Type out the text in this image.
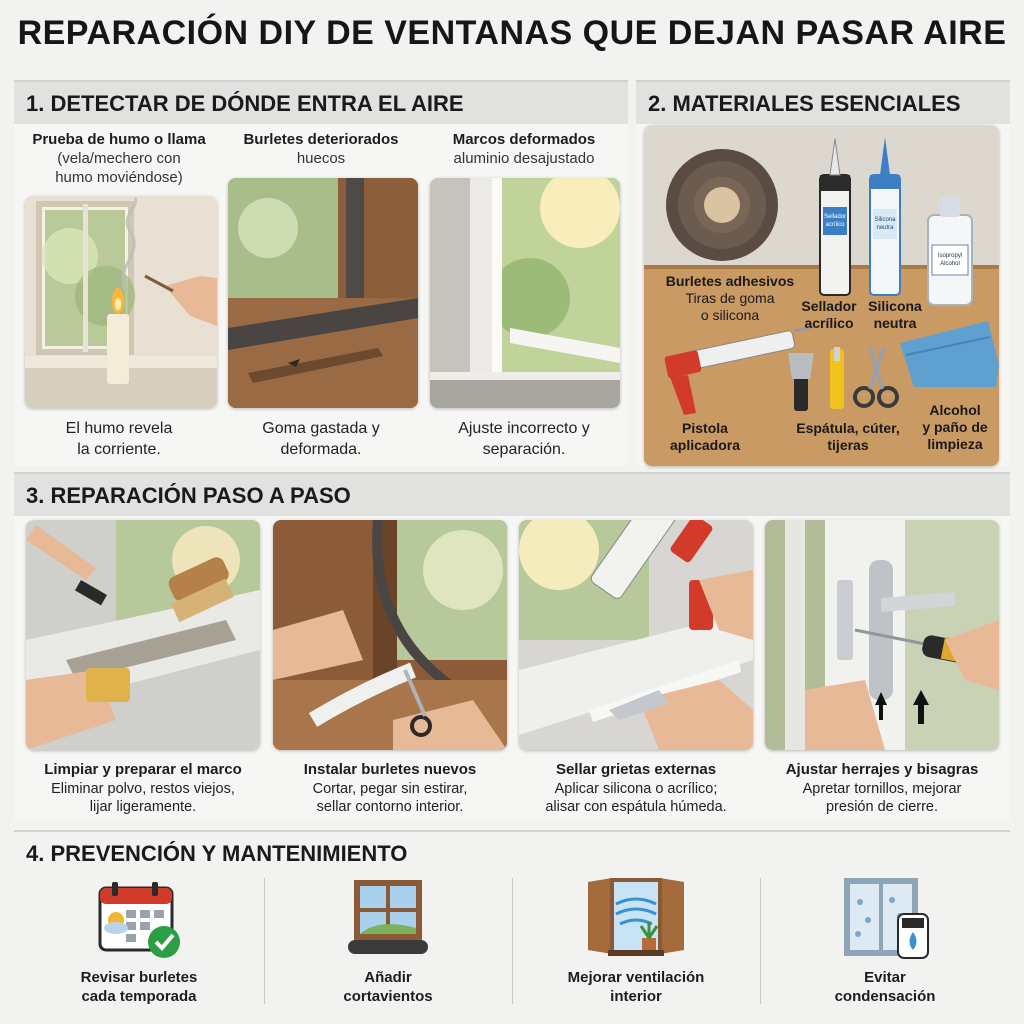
REPARACIÓN DIY DE VENTANAS QUE DEJAN PASAR AIRE
1. DETECTAR DE DÓNDE ENTRA EL AIRE
Prueba de humo o llama
(vela/mechero con
humo moviéndose)
Burletes deteriorados
huecos
Marcos deformados
aluminio desajustado
El humo revela
la corriente.
Goma gastada y
deformada.
Ajuste incorrecto y
separación.
2. MATERIALES ESENCIALES
Sellador
acrílico
Silicona
neutra
Isopropyl
Alcohol
Burletes adhesivos
Tiras de goma
o silicona
Sellador
acrílico
Silicona
neutra
Pistola
aplicadora
Espátula, cúter,
tijeras
Alcohol
y paño de
limpieza
3. REPARACIÓN PASO A PASO
Limpiar y preparar el marco
Eliminar polvo, restos viejos,
lijar ligeramente.
Instalar burletes nuevos
Cortar, pegar sin estirar,
sellar contorno interior.
Sellar grietas externas
Aplicar silicona o acrílico;
alisar con espátula húmeda.
Ajustar herrajes y bisagras
Apretar tornillos, mejorar
presión de cierre.
4. PREVENCIÓN Y MANTENIMIENTO
Revisar burletes
cada temporada
Añadir
cortavientos
Mejorar ventilación
interior
Evitar
condensación
